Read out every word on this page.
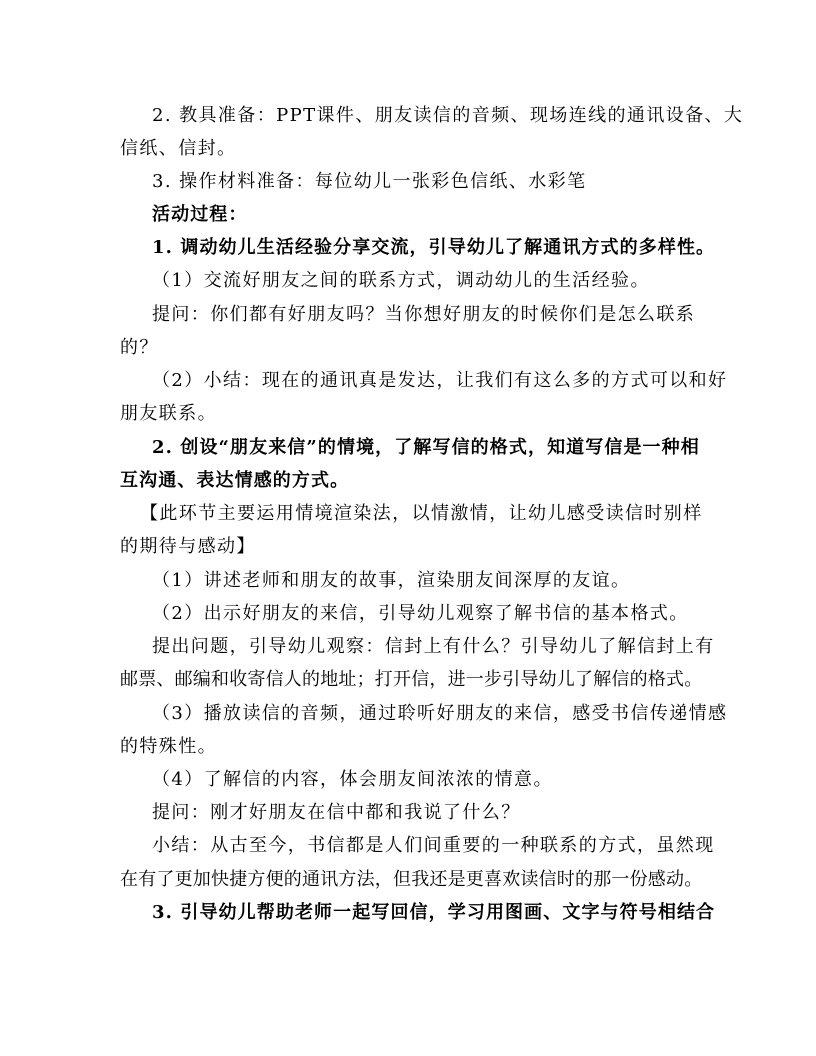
2. 教具准备：PPT课件、朋友读信的音频、现场连线的通讯设备、大
信纸、信封。
3. 操作材料准备：每位幼儿一张彩色信纸、水彩笔
活动过程：
1. 调动幼儿生活经验分享交流，引导幼儿了解通讯方式的多样性。
（1）交流好朋友之间的联系方式，调动幼儿的生活经验。
提问：你们都有好朋友吗？当你想好朋友的时候你们是怎么联系
的？
（2）小结：现在的通讯真是发达，让我们有这么多的方式可以和好
朋友联系。
2. 创设“朋友来信”的情境，了解写信的格式，知道写信是一种相
互沟通、表达情感的方式。
【此环节主要运用情境渲染法，以情激情，让幼儿感受读信时别样
的期待与感动】
（1）讲述老师和朋友的故事，渲染朋友间深厚的友谊。
（2）出示好朋友的来信，引导幼儿观察了解书信的基本格式。
提出问题，引导幼儿观察：信封上有什么？引导幼儿了解信封上有
邮票、邮编和收寄信人的地址；打开信，进一步引导幼儿了解信的格式。
（3）播放读信的音频，通过聆听好朋友的来信，感受书信传递情感
的特殊性。
（4）了解信的内容，体会朋友间浓浓的情意。
提问：刚才好朋友在信中都和我说了什么？
小结：从古至今，书信都是人们间重要的一种联系的方式，虽然现
在有了更加快捷方便的通讯方法，但我还是更喜欢读信时的那一份感动。
3. 引导幼儿帮助老师一起写回信，学习用图画、文字与符号相结合
